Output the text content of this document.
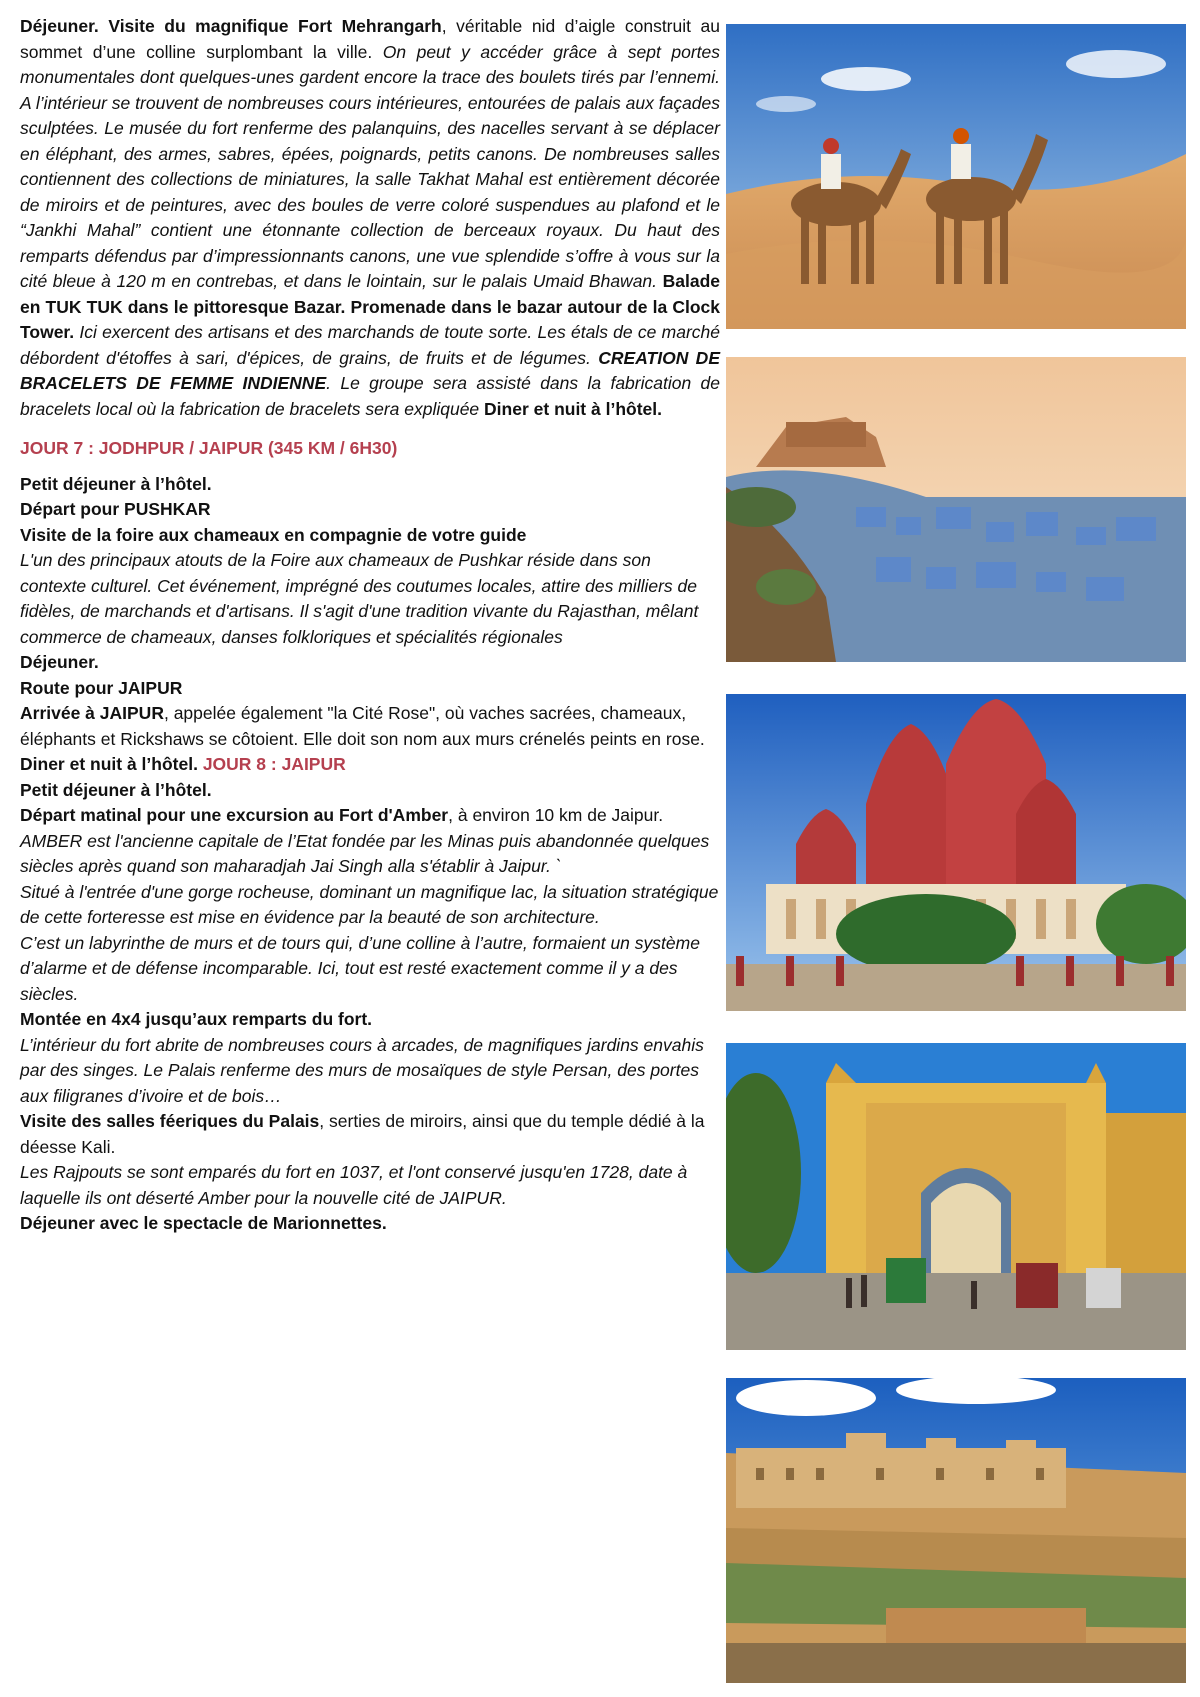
Déjeuner. Visite du magnifique Fort Mehrangarh, véritable nid d’aigle construit au sommet d’une colline surplombant la ville. On peut y accéder grâce à sept portes monumentales dont quelques-unes gardent encore la trace des boulets tirés par l’ennemi. A l’intérieur se trouvent de nombreuses cours intérieures, entourées de palais aux façades sculptées. Le musée du fort renferme des palanquins, des nacelles servant à se déplacer en éléphant, des armes, sabres, épées, poignards, petits canons. De nombreuses salles contiennent des collections de miniatures, la salle Takhat Mahal est entièrement décorée de miroirs et de peintures, avec des boules de verre coloré suspendues au plafond et le “Jankhi Mahal” contient une étonnante collection de berceaux royaux. Du haut des remparts défendus par d’impressionnants canons, une vue splendide s’offre à vous sur la cité bleue à 120 m en contrebas, et dans le lointain, sur le palais Umaid Bhawan. Balade en TUK TUK dans le pittoresque Bazar. Promenade dans le bazar autour de la Clock Tower. Ici exercent des artisans et des marchands de toute sorte. Les étals de ce marché débordent d'étoffes à sari, d'épices, de grains, de fruits et de légumes. CREATION DE BRACELETS DE FEMME INDIENNE. Le groupe sera assisté dans la fabrication de bracelets local où la fabrication de bracelets sera expliquée Diner et nuit à l’hôtel.

JOUR 7 : JODHPUR / JAIPUR (345 KM / 6H30)

Petit déjeuner à l’hôtel.

Départ pour PUSHKAR

Visite de la foire aux chameaux en compagnie de votre guide

L'un des principaux atouts de la Foire aux chameaux de Pushkar réside dans son contexte culturel. Cet événement, imprégné des coutumes locales, attire des milliers de fidèles, de marchands et d'artisans. Il s'agit d'une tradition vivante du Rajasthan, mêlant commerce de chameaux, danses folkloriques et spécialités régionales

Déjeuner.

Route pour JAIPUR

Arrivée à JAIPUR, appelée également "la Cité Rose", où vaches sacrées, chameaux, éléphants et Rickshaws se côtoient. Elle doit son nom aux murs crénelés peints en rose.

Diner et nuit à l’hôtel. JOUR 8 : JAIPUR

Petit déjeuner à l’hôtel.

Départ matinal pour une excursion au Fort d'Amber, à environ 10 km de Jaipur.

AMBER est l'ancienne capitale de l’Etat fondée par les Minas puis abandonnée quelques siècles après quand son maharadjah Jai Singh alla s'établir à Jaipur. `

Situé à l'entrée d'une gorge rocheuse, dominant un magnifique lac, la situation stratégique de cette forteresse est mise en évidence par la beauté de son architecture.

C’est un labyrinthe de murs et de tours qui, d’une colline à l’autre, formaient un système d’alarme et de défense incomparable. Ici, tout est resté exactement comme il y a des siècles.

Montée en 4x4 jusqu’aux remparts du fort.

L’intérieur du fort abrite de nombreuses cours à arcades, de magnifiques jardins envahis par des singes. Le Palais renferme des murs de mosaïques de style Persan, des portes aux filigranes d’ivoire et de bois…

Visite des salles féeriques du Palais, serties de miroirs, ainsi que du temple dédié à la déesse Kali.

Les Rajpouts se sont emparés du fort en 1037, et l'ont conservé jusqu'en 1728, date à laquelle ils ont déserté Amber pour la nouvelle cité de JAIPUR.

Déjeuner avec le spectacle de Marionnettes.
